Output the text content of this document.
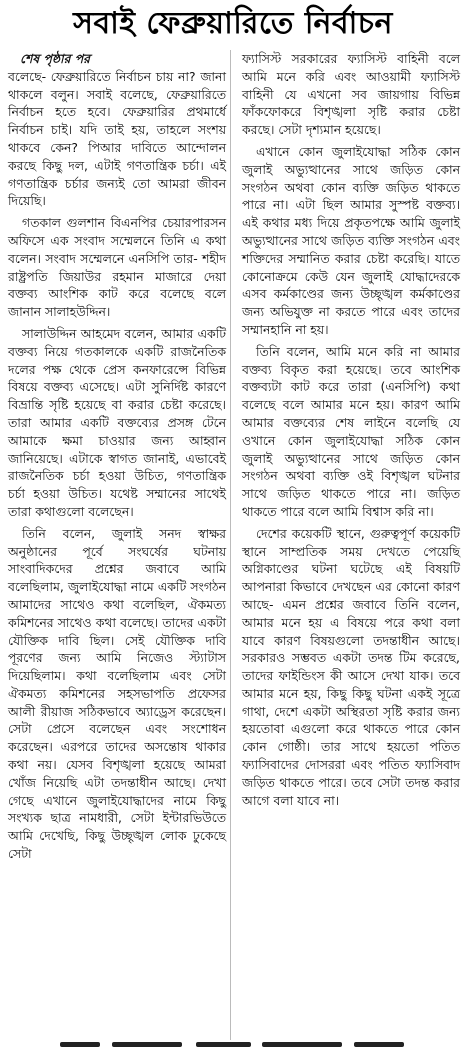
সবাই ফেব্রুয়ারিতে নির্বাচন
শেষ পৃষ্ঠার পর

বলেছে- ফেব্রুয়ারিতে নির্বাচন চায় না? জানা থাকলে বলুন। সবাই বলেছে, ফেব্রুয়ারিতে নির্বাচন হতে হবে। ফেব্রুয়ারির প্রথমার্ধে নির্বাচন চাই। যদি তাই হয়, তাহলে সংশয় থাকবে কেন? পিআর দাবিতে আন্দোলন করছে কিছু দল, এটাই গণতান্ত্রিক চর্চা। এই গণতান্ত্রিক চর্চার জন্যই তো আমরা জীবন দিয়েছি।

গতকাল গুলশান বিএনপির চেয়ারপারসন অফিসে এক সংবাদ সম্মেলনে তিনি এ কথা বলেন। সংবাদ সম্মেলনে এনসিপি তার- শহীদ রাষ্ট্রপতি জিয়াউর রহমান মাজারে দেয়া বক্তব্য আংশিক কাট করে বলেছে বলে জানান সালাহউদ্দিন।

সালাউদ্দিন আহমেদ বলেন, আমার একটি বক্তব্য নিয়ে গতকালকে একটি রাজনৈতিক দলের পক্ষ থেকে প্রেস কনফারেন্সে বিভিন্ন বিষয়ে বক্তব্য এসেছে। এটা সুনির্দিষ্ট কারণে বিভ্রান্তি সৃষ্টি হয়েছে বা করার চেষ্টা করেছে। তারা আমার একটি বক্তব্যের প্রসঙ্গ টেনে আমাকে ক্ষমা চাওয়ার জন্য আহ্বান জানিয়েছে। এটাকে স্বাগত জানাই, এভাবেই রাজনৈতিক চর্চা হওয়া উচিত, গণতান্ত্রিক চর্চা হওয়া উচিত। যথেষ্ট সম্মানের সাথেই তারা কথাগুলো বলেছেন।

তিনি বলেন, জুলাই সনদ স্বাক্ষর অনুষ্ঠানের পূর্বে সংঘর্ষের ঘটনায় সাংবাদিকদের প্রশ্নের জবাবে আমি বলেছিলাম, জুলাইযোদ্ধা নামে একটি সংগঠন আমাদের সাথেও কথা বলেছিল, ঐকমত্য কমিশনের সাথেও কথা বলেছে। তাদের একটা যৌক্তিক দাবি ছিল। সেই যৌক্তিক দাবি পূরণের জন্য আমি নিজেও স্ট্যাটাস দিয়েছিলাম। কথা বলেছিলাম এবং সেটা ঐকমত্য কমিশনের সহসভাপতি প্রফেসর আলী রীয়াজ সঠিকভাবে অ্যাড্রেস করেছেন। সেটা প্রেসে বলেছেন এবং সংশোধন করেছেন। এরপরে তাদের অসন্তোষ থাকার কথা নয়। যেসব বিশৃঙ্খলা হয়েছে আমরা খোঁজ নিয়েছি এটা তদন্তাধীন আছে। দেখা গেছে এখানে জুলাইযোদ্ধাদের নামে কিছু সংখ্যক ছাত্র নামধারী, সেটা ইন্টারভিউতে আমি দেখেছি, কিছু উচ্ছৃঙ্খল লোক ঢুকেছে সেটা

ফ্যাসিস্ট সরকারের ফ্যাসিস্ট বাহিনী বলে আমি মনে করি এবং আওয়ামী ফ্যাসিস্ট বাহিনী যে এখনো সব জায়গায় বিভিন্ন ফাঁকফোকরে বিশৃঙ্খলা সৃষ্টি করার চেষ্টা করছে। সেটা দৃশ্যমান হয়েছে।

এখানে কোন জুলাইযোদ্ধা সঠিক কোন জুলাই অভ্যুত্থানের সাথে জড়িত কোন সংগঠন অথবা কোন ব্যক্তি জড়িত থাকতে পারে না। এটা ছিল আমার সুস্পষ্ট বক্তব্য। এই কথার মধ্য দিয়ে প্রকৃতপক্ষে আমি জুলাই অভ্যুত্থানের সাথে জড়িত ব্যক্তি সংগঠন এবং শক্তিদের সম্মানিত করার চেষ্টা করেছি। যাতে কোনোক্রমে কেউ যেন জুলাই যোদ্ধাদেরকে এসব কর্মকাণ্ডের জন্য উচ্ছৃঙ্খল কর্মকাণ্ডের জন্য অভিযুক্ত না করতে পারে এবং তাদের সম্মানহানি না হয়।

তিনি বলেন, আমি মনে করি না আমার বক্তব্য বিকৃত করা হয়েছে। তবে আংশিক বক্তব্যটা কাট করে তারা (এনসিপি) কথা বলেছে বলে আমার মনে হয়। কারণ আমি আমার বক্তব্যের শেষ লাইনে বলেছি যে ওখানে কোন জুলাইযোদ্ধা সঠিক কোন জুলাই অভ্যুত্থানের সাথে জড়িত কোন সংগঠন অথবা ব্যক্তি ওই বিশৃঙ্খল ঘটনার সাথে জড়িত থাকতে পারে না। জড়িত থাকতে পারে বলে আমি বিশ্বাস করি না।

দেশের কয়েকটি স্থানে, গুরুত্বপূর্ণ কয়েকটি স্থানে সাম্প্রতিক সময় দেখতে পেয়েছি অগ্নিকাণ্ডের ঘটনা ঘটেছে এই বিষয়টি আপনারা কিভাবে দেখছেন এর কোনো কারণ আছে- এমন প্রশ্নের জবাবে তিনি বলেন, আমার মনে হয় এ বিষয়ে পরে কথা বলা যাবে কারণ বিষয়গুলো তদন্তাধীন আছে। সরকারও সম্ভবত একটা তদন্ত টিম করেছে, তাদের ফাইন্ডিংস কী আসে দেখা যাক। তবে আমার মনে হয়, কিছু কিছু ঘটনা একই সূত্রে গাথা, দেশে একটা অস্থিরতা সৃষ্টি করার জন্য হয়তোবা এগুলো করে থাকতে পারে কোন কোন গোষ্ঠী। তার সাথে হয়তো পতিত ফ্যাসিবাদের দোসররা এবং পতিত ফ্যাসিবাদ জড়িত থাকতে পারে। তবে সেটা তদন্ত করার আগে বলা যাবে না।
